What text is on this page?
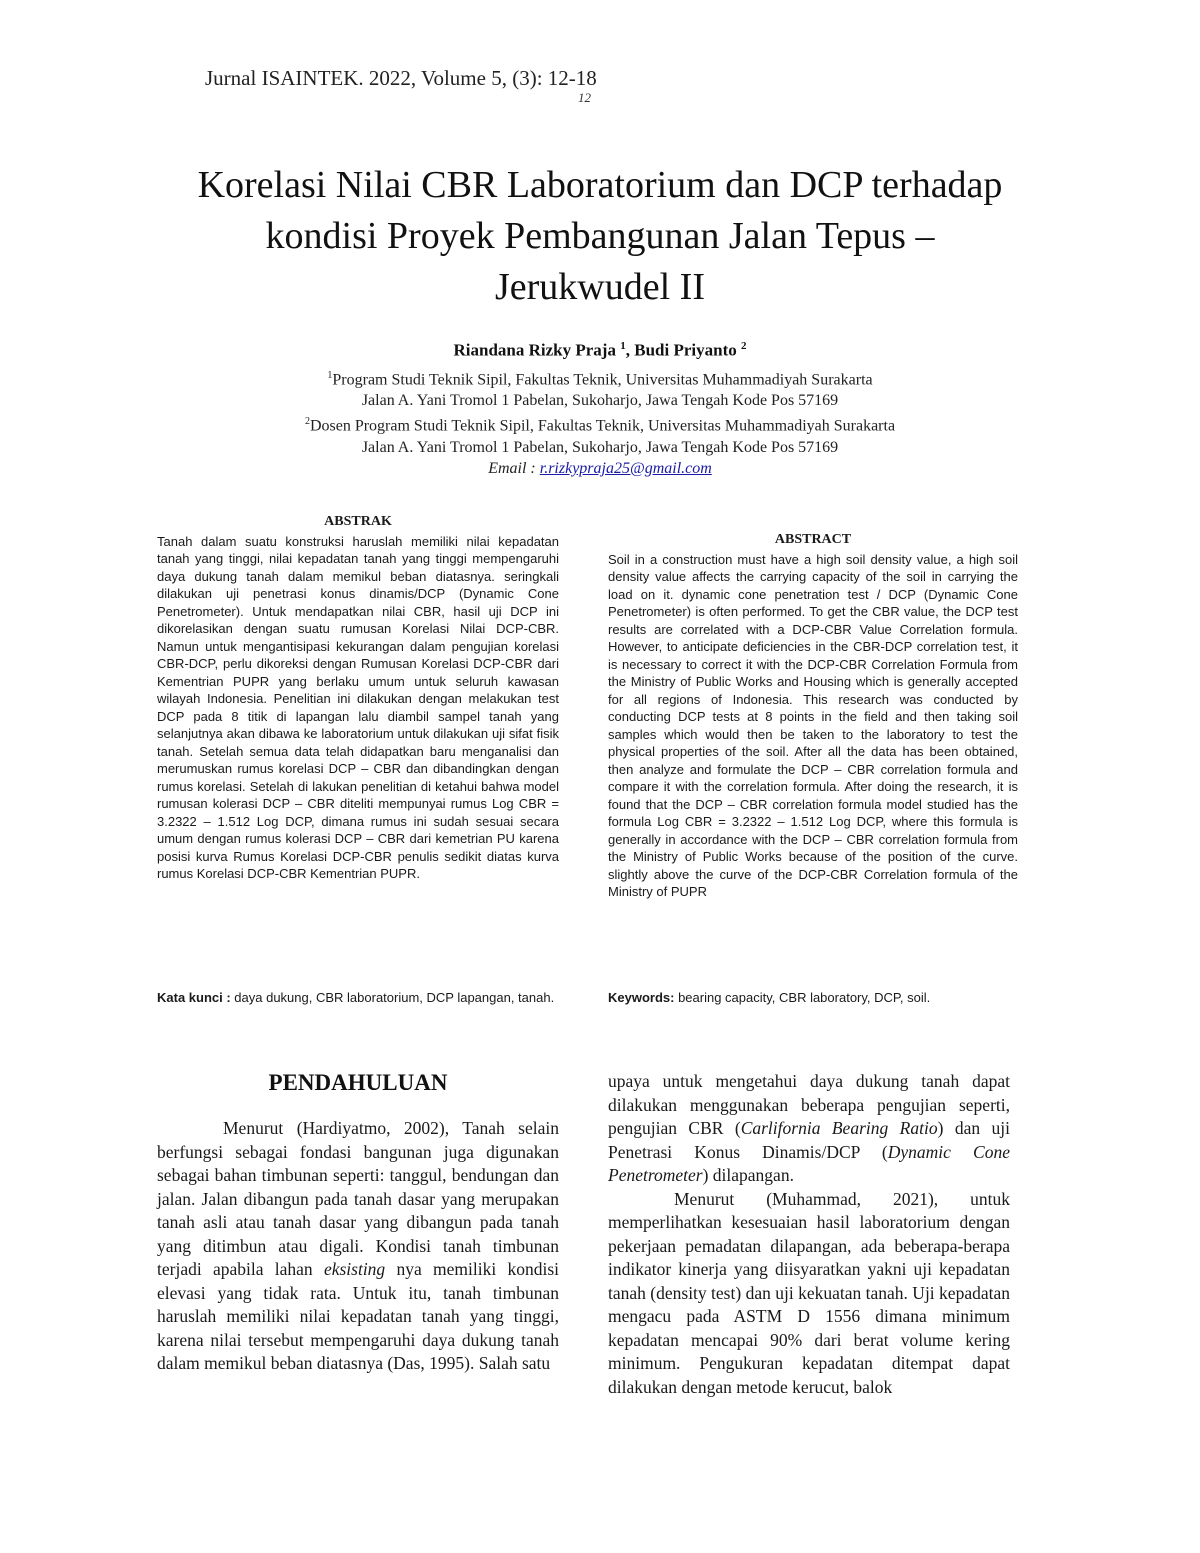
Jurnal ISAINTEK. 2022, Volume 5, (3): 12-18
12
Korelasi Nilai CBR Laboratorium dan DCP terhadap
kondisi Proyek Pembangunan Jalan Tepus –
Jerukwudel II
Riandana Rizky Praja $^1$, Budi Priyanto $^2$
$^1$Program Studi Teknik Sipil, Fakultas Teknik, Universitas Muhammadiyah Surakarta
Jalan A. Yani Tromol 1 Pabelan, Sukoharjo, Jawa Tengah Kode Pos 57169
$^2$Dosen Program Studi Teknik Sipil, Fakultas Teknik, Universitas Muhammadiyah Surakarta
Jalan A. Yani Tromol 1 Pabelan, Sukoharjo, Jawa Tengah Kode Pos 57169
Email : r.rizkypraja25@gmail.com
ABSTRAK
Tanah dalam suatu konstruksi haruslah memiliki nilai kepadatan tanah yang tinggi, nilai kepadatan tanah yang tinggi mempengaruhi daya dukung tanah dalam memikul beban diatasnya. seringkali dilakukan uji penetrasi konus dinamis/DCP (Dynamic Cone Penetrometer). Untuk mendapatkan nilai CBR, hasil uji DCP ini dikorelasikan dengan suatu rumusan Korelasi Nilai DCP-CBR. Namun untuk mengantisipasi kekurangan dalam pengujian korelasi CBR-DCP, perlu dikoreksi dengan Rumusan Korelasi DCP-CBR dari Kementrian PUPR yang berlaku umum untuk seluruh kawasan wilayah Indonesia. Penelitian ini dilakukan dengan melakukan test DCP pada 8 titik di lapangan lalu diambil sampel tanah yang selanjutnya akan dibawa ke laboratorium untuk dilakukan uji sifat fisik tanah. Setelah semua data telah didapatkan baru menganalisi dan merumuskan rumus korelasi DCP – CBR dan dibandingkan dengan rumus korelasi. Setelah di lakukan penelitian di ketahui bahwa model rumusan kolerasi DCP – CBR diteliti mempunyai rumus Log CBR = 3.2322 – 1.512 Log DCP, dimana rumus ini sudah sesuai secara umum dengan rumus kolerasi DCP – CBR dari kemetrian PU karena posisi kurva Rumus Korelasi DCP-CBR penulis sedikit diatas kurva rumus Korelasi DCP-CBR Kementrian PUPR.
ABSTRACT
Soil in a construction must have a high soil density value, a high soil density value affects the carrying capacity of the soil in carrying the load on it. dynamic cone penetration test / DCP (Dynamic Cone Penetrometer) is often performed. To get the CBR value, the DCP test results are correlated with a DCP-CBR Value Correlation formula. However, to anticipate deficiencies in the CBR-DCP correlation test, it is necessary to correct it with the DCP-CBR Correlation Formula from the Ministry of Public Works and Housing which is generally accepted for all regions of Indonesia. This research was conducted by conducting DCP tests at 8 points in the field and then taking soil samples which would then be taken to the laboratory to test the physical properties of the soil. After all the data has been obtained, then analyze and formulate the DCP – CBR correlation formula and compare it with the correlation formula. After doing the research, it is found that the DCP – CBR correlation formula model studied has the formula Log CBR = 3.2322 – 1.512 Log DCP, where this formula is generally in accordance with the DCP – CBR correlation formula from the Ministry of Public Works because of the position of the curve. slightly above the curve of the DCP-CBR Correlation formula of the Ministry of PUPR
Kata kunci : daya dukung, CBR laboratorium, DCP lapangan, tanah.	Keywords: bearing capacity, CBR laboratory, DCP, soil.
PENDAHULUAN

Menurut (Hardiyatmo, 2002), Tanah selain berfungsi sebagai fondasi bangunan juga digunakan sebagai bahan timbunan seperti: tanggul, bendungan dan jalan. Jalan dibangun pada tanah dasar yang merupakan tanah asli atau tanah dasar yang dibangun pada tanah yang ditimbun atau digali. Kondisi tanah timbunan terjadi apabila lahan eksisting nya memiliki kondisi elevasi yang tidak rata. Untuk itu, tanah timbunan haruslah memiliki nilai kepadatan tanah yang tinggi, karena nilai tersebut mempengaruhi daya dukung tanah dalam memikul beban diatasnya (Das, 1995). Salah satu

upaya untuk mengetahui daya dukung tanah dapat dilakukan menggunakan beberapa pengujian seperti, pengujian CBR (Carlifornia Bearing Ratio) dan uji Penetrasi Konus Dinamis/DCP (Dynamic Cone Penetrometer) dilapangan.

Menurut (Muhammad, 2021), untuk memperlihatkan kesesuaian hasil laboratorium dengan pekerjaan pemadatan dilapangan, ada beberapa-berapa indikator kinerja yang diisyaratkan yakni uji kepadatan tanah (density test) dan uji kekuatan tanah. Uji kepadatan mengacu pada ASTM D 1556 dimana minimum kepadatan mencapai 90% dari berat volume kering minimum. Pengukuran kepadatan ditempat dapat dilakukan dengan metode kerucut, balok
